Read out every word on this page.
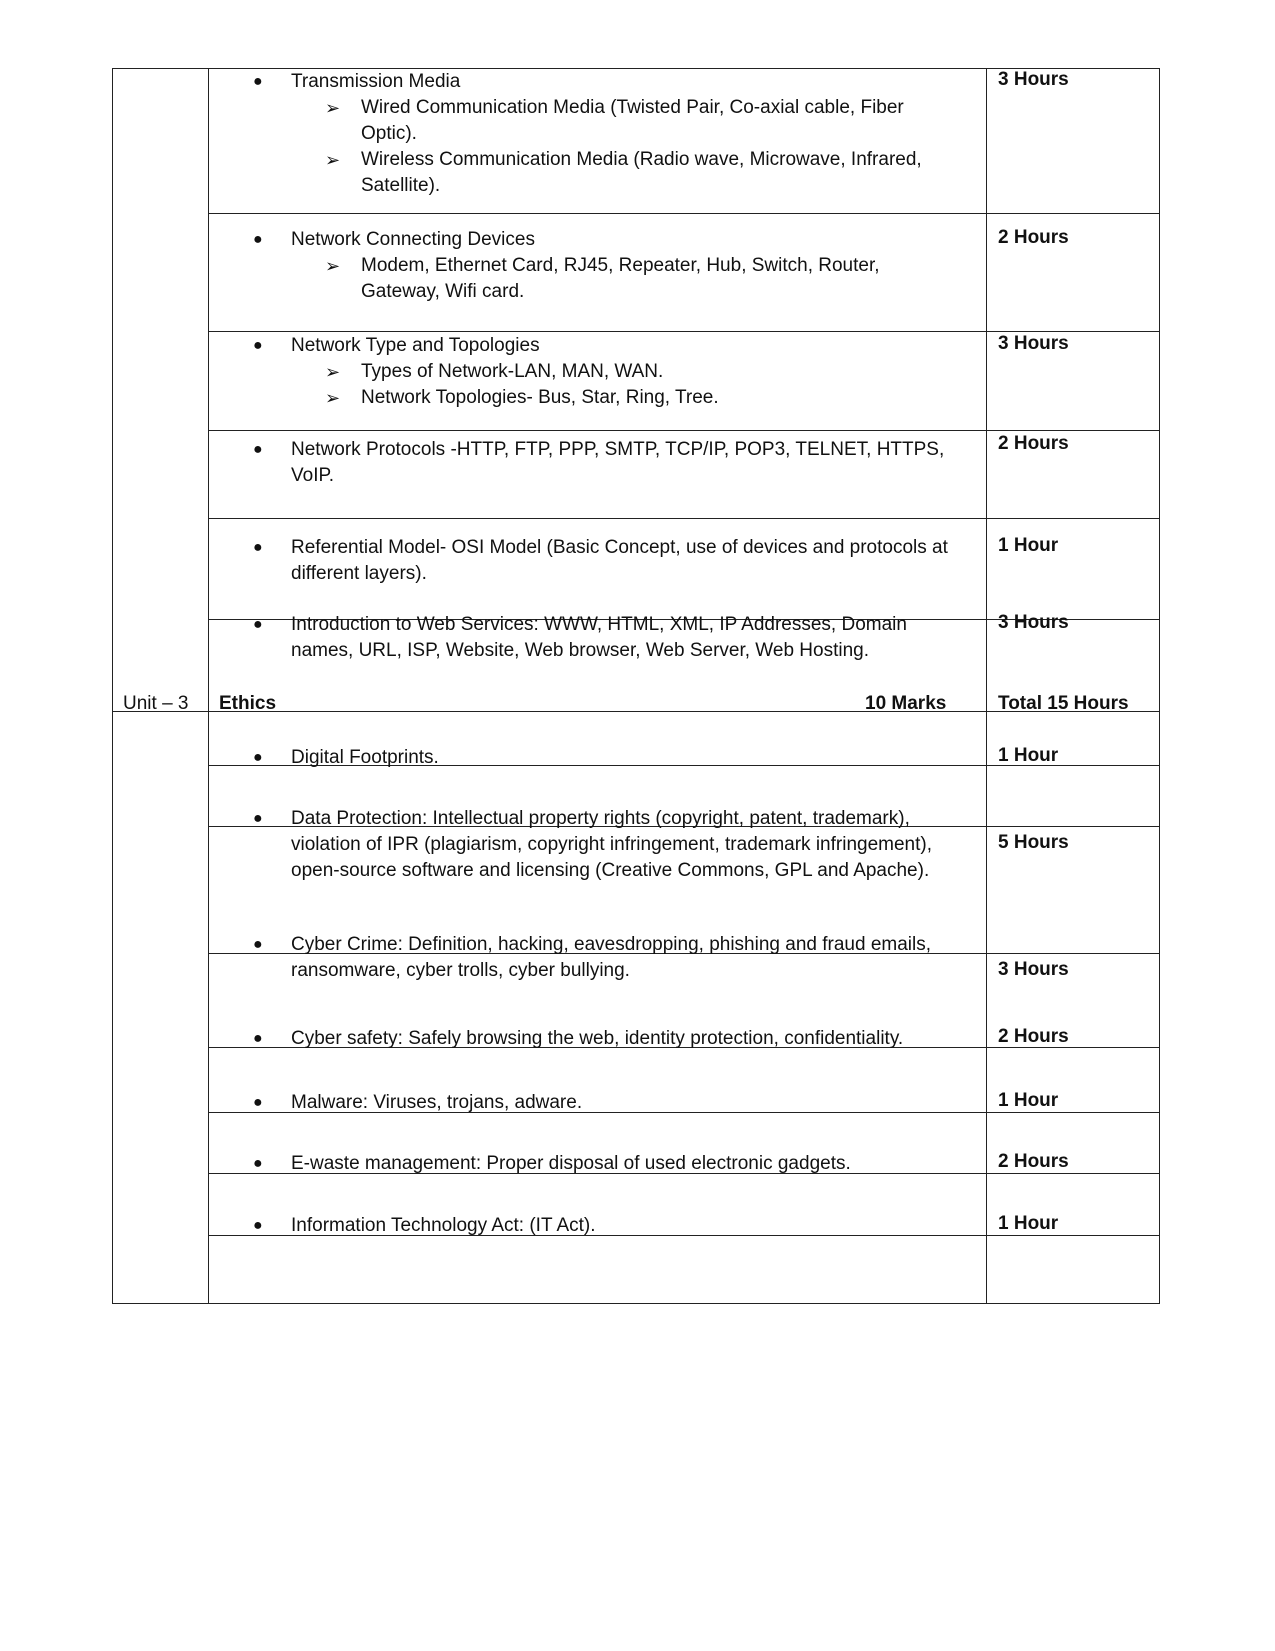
● Transmission Media
➢ Wired Communication Media (Twisted Pair, Co-axial cable, Fiber
Optic).
➢ Wireless Communication Media (Radio wave, Microwave, Infrared,
Satellite).
3 Hours
● Network Connecting Devices
➢ Modem, Ethernet Card, RJ45, Repeater, Hub, Switch, Router,
Gateway, Wifi card.
2 Hours
● Network Type and Topologies
➢ Types of Network-LAN, MAN, WAN.
➢ Network Topologies- Bus, Star, Ring, Tree.
3 Hours
● Network Protocols -HTTP, FTP, PPP, SMTP, TCP/IP, POP3, TELNET, HTTPS,
VoIP.
2 Hours
● Referential Model- OSI Model (Basic Concept, use of devices and protocols at
different layers).
1 Hour
● Introduction to Web Services: WWW, HTML, XML, IP Addresses, Domain
names, URL, ISP, Website, Web browser, Web Server, Web Hosting.
3 Hours
Unit – 3 Ethics	10 Marks	Total 15 Hours
● Digital Footprints.	1 Hour
● Data Protection: Intellectual property rights (copyright, patent, trademark),
violation of IPR (plagiarism, copyright infringement, trademark infringement),
open-source software and licensing (Creative Commons, GPL and Apache).
5 Hours
● Cyber Crime: Definition, hacking, eavesdropping, phishing and fraud emails,
ransomware, cyber trolls, cyber bullying.	3 Hours
● Cyber safety: Safely browsing the web, identity protection, confidentiality.	2 Hours
● Malware: Viruses, trojans, adware.	1 Hour
● E-waste management: Proper disposal of used electronic gadgets.	2 Hours
● Information Technology Act: (IT Act).	1 Hour
